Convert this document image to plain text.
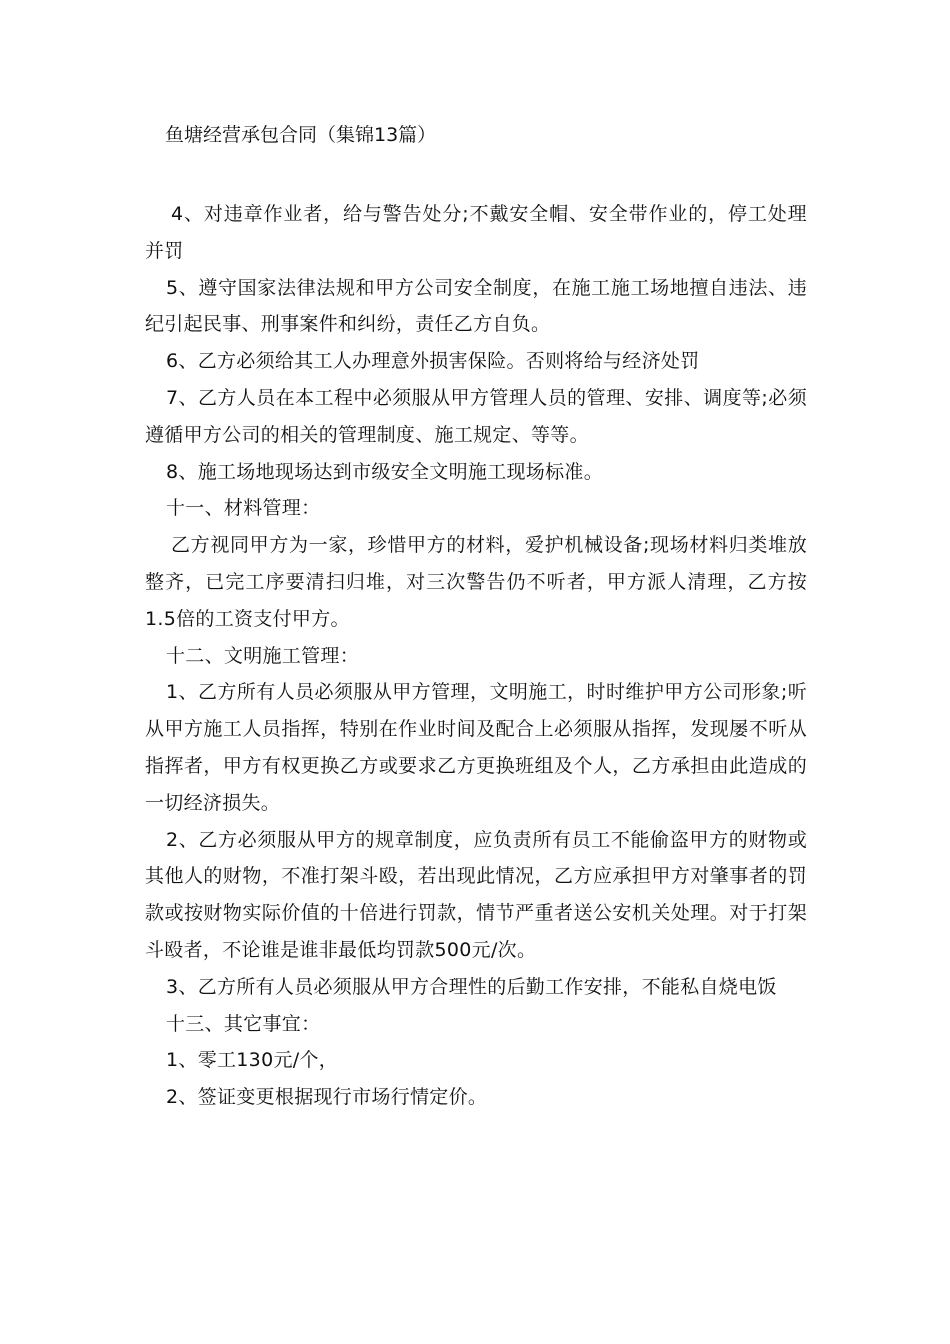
鱼塘经营承包合同（集锦13篇）

4、对违章作业者，给与警告处分;不戴安全帽、安全带作业的，停工处理并罚

5、遵守国家法律法规和甲方公司安全制度，在施工施工场地擅自违法、违纪引起民事、刑事案件和纠纷，责任乙方自负。

6、乙方必须给其工人办理意外损害保险。否则将给与经济处罚

7、乙方人员在本工程中必须服从甲方管理人员的管理、安排、调度等;必须遵循甲方公司的相关的管理制度、施工规定、等等。

8、施工场地现场达到市级安全文明施工现场标准。

十一、材料管理：

乙方视同甲方为一家，珍惜甲方的材料，爱护机械设备;现场材料归类堆放整齐，已完工序要清扫归堆，对三次警告仍不听者，甲方派人清理，乙方按1.5倍的工资支付甲方。

十二、文明施工管理：

1、乙方所有人员必须服从甲方管理，文明施工，时时维护甲方公司形象;听从甲方施工人员指挥，特别在作业时间及配合上必须服从指挥，发现屡不听从指挥者，甲方有权更换乙方或要求乙方更换班组及个人，乙方承担由此造成的一切经济损失。

2、乙方必须服从甲方的规章制度，应负责所有员工不能偷盗甲方的财物或其他人的财物，不准打架斗殴，若出现此情况，乙方应承担甲方对肇事者的罚款或按财物实际价值的十倍进行罚款，情节严重者送公安机关处理。对于打架斗殴者，不论谁是谁非最低均罚款500元/次。

3、乙方所有人员必须服从甲方合理性的后勤工作安排，不能私自烧电饭

十三、其它事宜：

1、零工130元/个，

2、签证变更根据现行市场行情定价。
